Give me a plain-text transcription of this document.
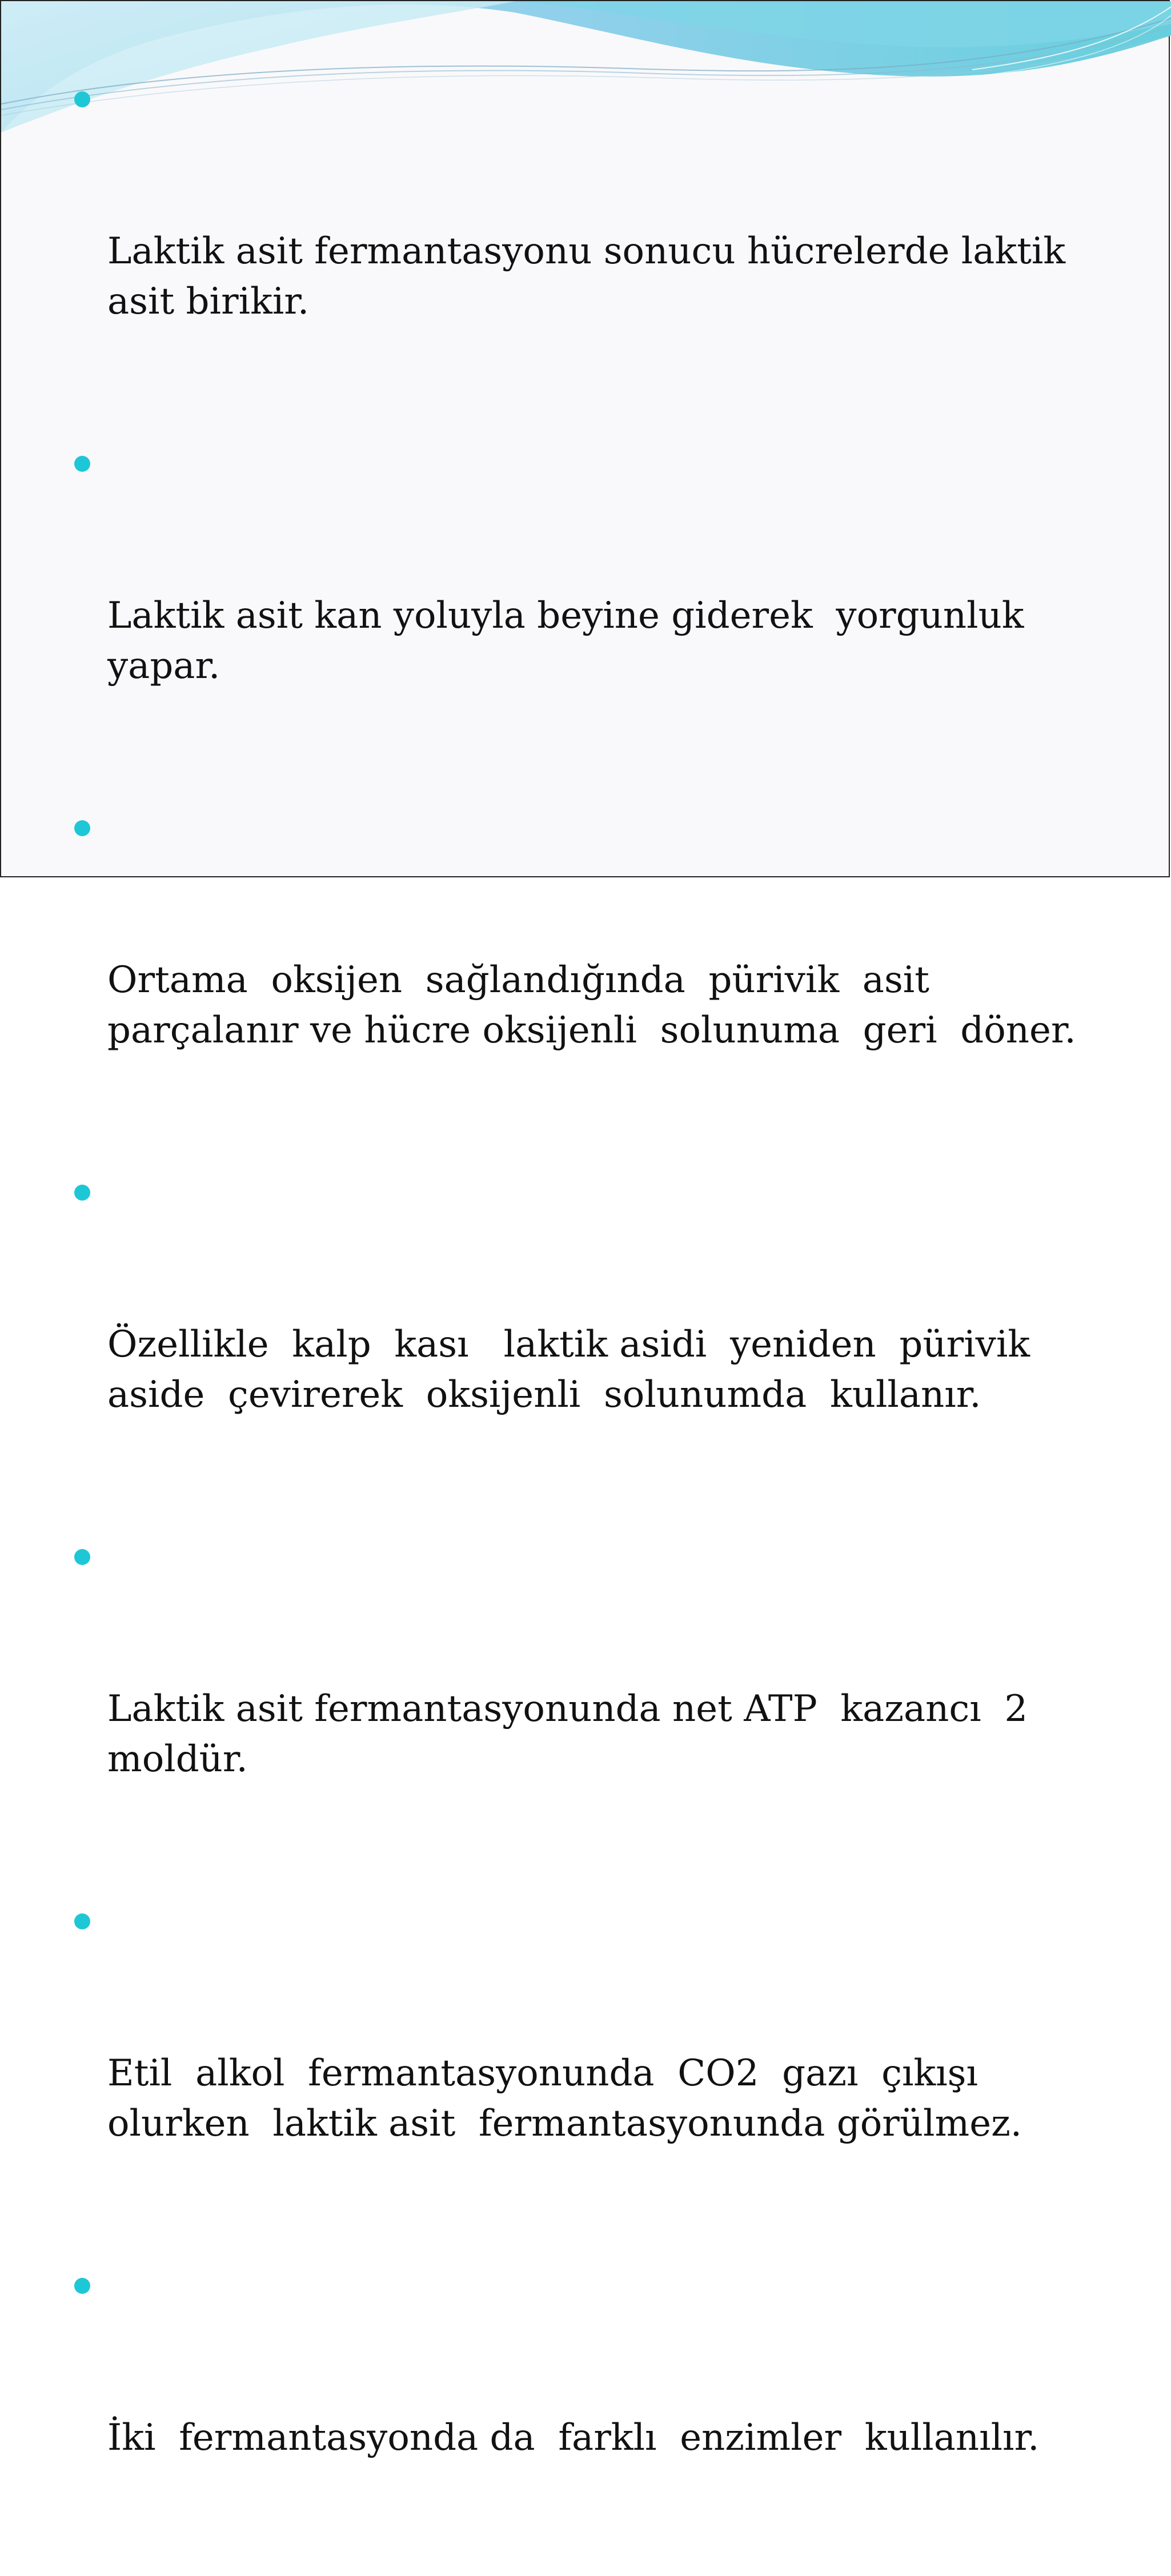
Laktik asit fermantasyonu sonucu hücrelerde laktik asit birikir.

Laktik asit kan yoluyla beyine giderek  yorgunluk yapar.

Ortama  oksijen  sağlandığında  pürivik  asit parçalanır ve hücre oksijenli  solunuma  geri  döner.

Özellikle  kalp  kası   laktik asidi  yeniden  pürivik aside  çevirerek  oksijenli  solunumda  kullanır.

Laktik asit fermantasyonunda net ATP  kazancı  2 moldür.

Etil  alkol  fermantasyonunda  CO2  gazı  çıkışı olurken  laktik asit  fermantasyonunda görülmez.

İki  fermantasyonda da  farklı  enzimler  kullanılır.
